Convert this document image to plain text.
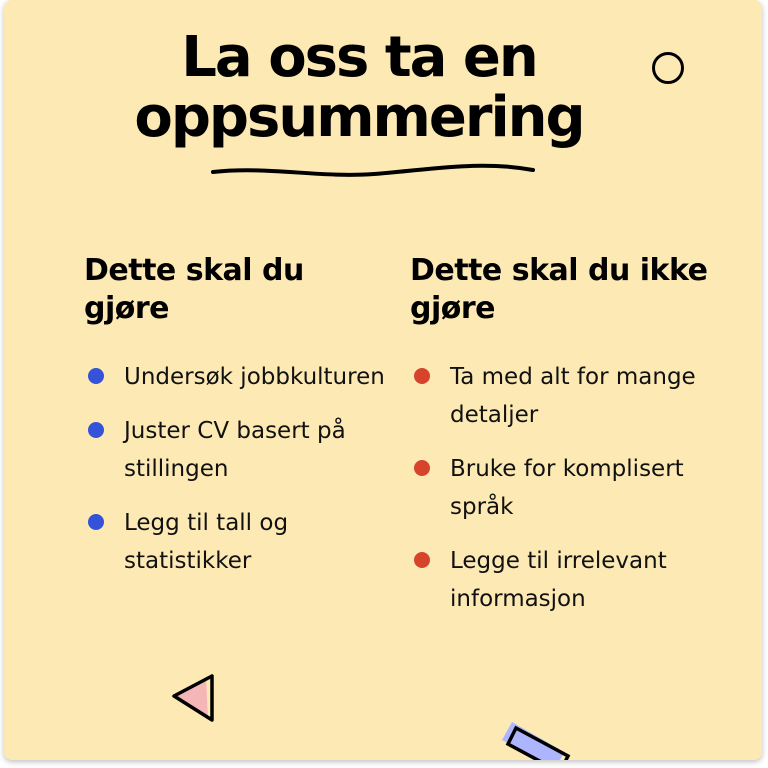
La oss ta en
oppsummering
Dette skal du gjøre
Undersøk jobbkulturen
Juster CV basert på stillingen
Legg til tall og statistikker
Dette skal du ikke gjøre
Ta med alt for mange detaljer
Bruke for komplisert språk
Legge til irrelevant informasjon
